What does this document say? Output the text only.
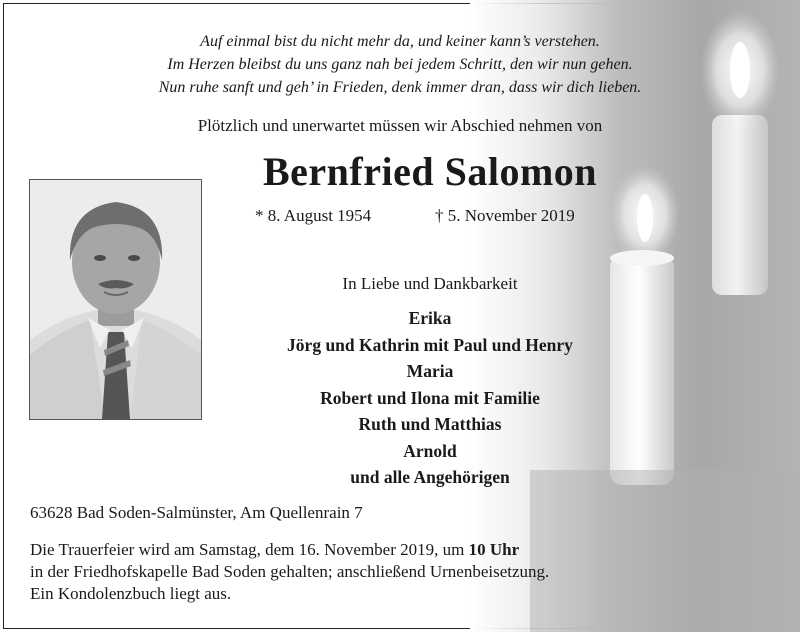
Auf einmal bist du nicht mehr da, und keiner kann’s verstehen.
Im Herzen bleibst du uns ganz nah bei jedem Schritt, den wir nun gehen.
Nun ruhe sanft und geh’ in Frieden, denk immer dran, dass wir dich lieben.
Plötzlich und unerwartet müssen wir Abschied nehmen von
Bernfried Salomon
* 8. August 1954	† 5. November 2019
In Liebe und Dankbarkeit
Erika
Jörg und Kathrin mit Paul und Henry
Maria
Robert und Ilona mit Familie
Ruth und Matthias
Arnold
und alle Angehörigen
63628 Bad Soden-Salmünster, Am Quellenrain 7
Die Trauerfeier wird am Samstag, dem 16. November 2019, um 10 Uhr
in der Friedhofskapelle Bad Soden gehalten; anschließend Urnenbeisetzung.
Ein Kondolenzbuch liegt aus.
